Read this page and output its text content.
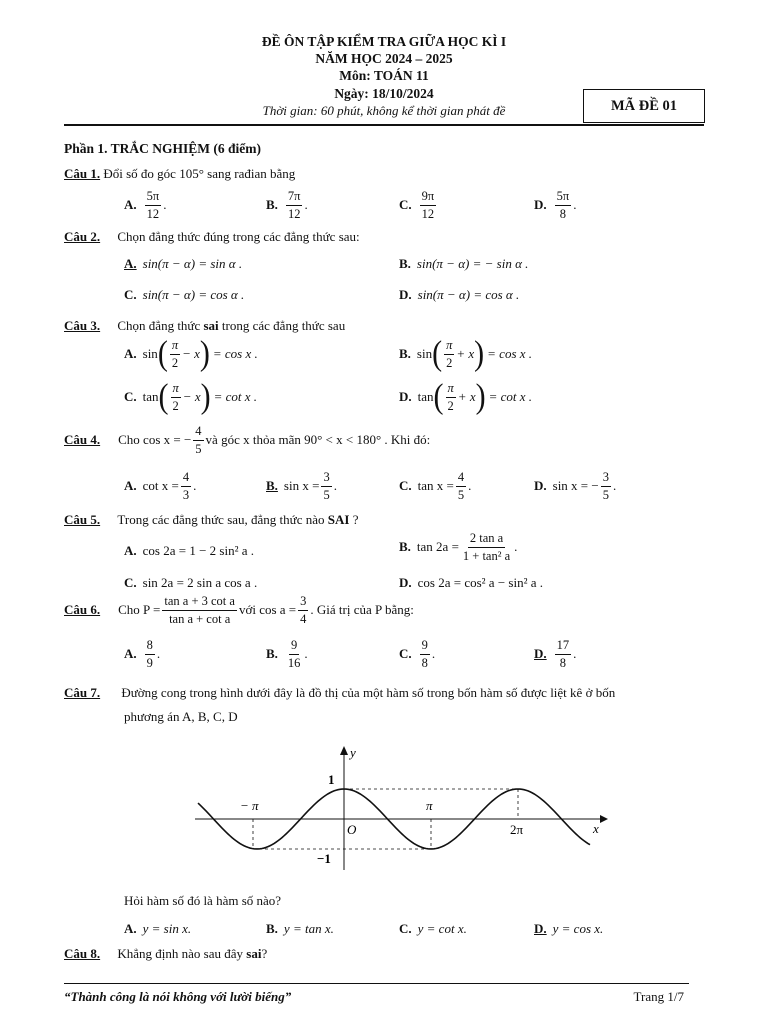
ĐỀ ÔN TẬP KIỂM TRA GIỮA HỌC KÌ I
NĂM HỌC 2024 – 2025
Môn: TOÁN 11
Ngày: 18/10/2024
Thời gian: 60 phút, không kể thời gian phát đề	MÃ ĐỀ 01
Phần 1. TRẮC NGHIỆM (6 điểm)
Câu 1. Đổi số đo góc 105° sang rađian bằng
A. $\frac{5\pi}{12}$ .	B. $\frac{7\pi}{12}$ .	C. $\frac{9\pi}{12}$	D. $\frac{5\pi}{8}$ .
Câu 2. Chọn đẳng thức đúng trong các đẳng thức sau:
A. sin(π − α) = sin α .	B. sin(π − α) = − sin α .
C. sin(π − α) = cos α .	D. sin(π − α) = cos α .
Câu 3. Chọn đẳng thức sai trong các đẳng thức sau
A. sin ( $\frac{\pi}{2} - x$ ) = cos x .	B. sin ( $\frac{\pi}{2} + x$ ) = cos x .
C. tan ( $\frac{\pi}{2} - x$ ) = cot x .	D. tan ( $\frac{\pi}{2} + x$ ) = cot x .
Câu 4. Cho cos x = − $\frac{4}{5}$ và góc x thỏa mãn 90° < x < 180° . Khi đó:
A. $\cot x = \frac{4}{3}$ .	B. $\sin x = \frac{3}{5}$ .	C. $\tan x = \frac{4}{5}$ .	D. sin x = − $\frac{3}{5}$ .
Câu 5. Trong các đẳng thức sau, đẳng thức nào SAI ?
A. cos 2a = 1 − 2 sin² a .	B. $\tan 2a = \frac{\text{2 tan a}}{\text{1 + tan² a}}$ .
C. sin 2a = 2 sin a cos a .	D. cos 2a = cos² a − sin² a .
Câu 6. Cho $P = \frac{\text{tan a + 3 cot a}}{\text{tan a + cot a}}$ với $\cos a = \frac{3}{4}$ . Giá trị của P bằng:
A. $\frac{8}{9}$ .	B. $\frac{9}{16}$ .	C. $\frac{9}{8}$ .	D. $\frac{17}{8}$ .
Câu 7. Đường cong trong hình dưới đây là đồ thị của một hàm số trong bốn hàm số được liệt kê ở bốn
phương án A, B, C, D
y
x
O
1
−1
− π	π
2π
Hỏi hàm số đó là hàm số nào?
A. y = sin x.	B. y = tan x.	C. y = cot x.	D. y = cos x.
Câu 8. Khẳng định nào sau đây sai?
“Thành công là nói không với lười biếng”	Trang 1/7
